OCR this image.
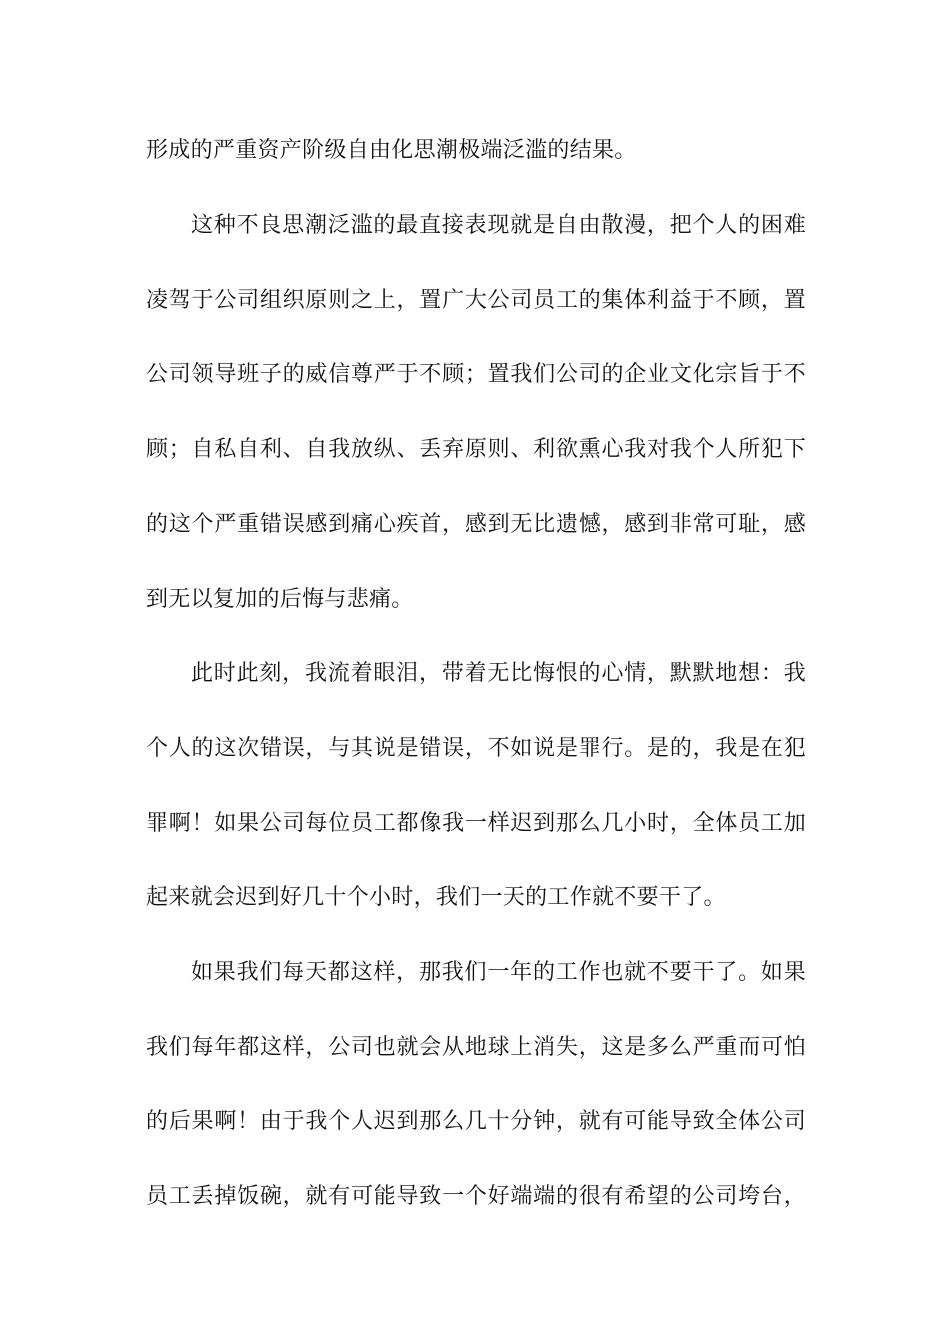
形成的严重资产阶级自由化思潮极端泛滥的结果。
这种不良思潮泛滥的最直接表现就是自由散漫，把个人的困难
凌驾于公司组织原则之上，置广大公司员工的集体利益于不顾，置
公司领导班子的威信尊严于不顾；置我们公司的企业文化宗旨于不
顾；自私自利、自我放纵、丢弃原则、利欲熏心我对我个人所犯下
的这个严重错误感到痛心疾首，感到无比遗憾，感到非常可耻，感
到无以复加的后悔与悲痛。
此时此刻，我流着眼泪，带着无比悔恨的心情，默默地想：我
个人的这次错误，与其说是错误，不如说是罪行。是的，我是在犯
罪啊！如果公司每位员工都像我一样迟到那么几小时，全体员工加
起来就会迟到好几十个小时，我们一天的工作就不要干了。
如果我们每天都这样，那我们一年的工作也就不要干了。如果
我们每年都这样，公司也就会从地球上消失，这是多么严重而可怕
的后果啊！由于我个人迟到那么几十分钟，就有可能导致全体公司
员工丢掉饭碗，就有可能导致一个好端端的很有希望的公司垮台，
